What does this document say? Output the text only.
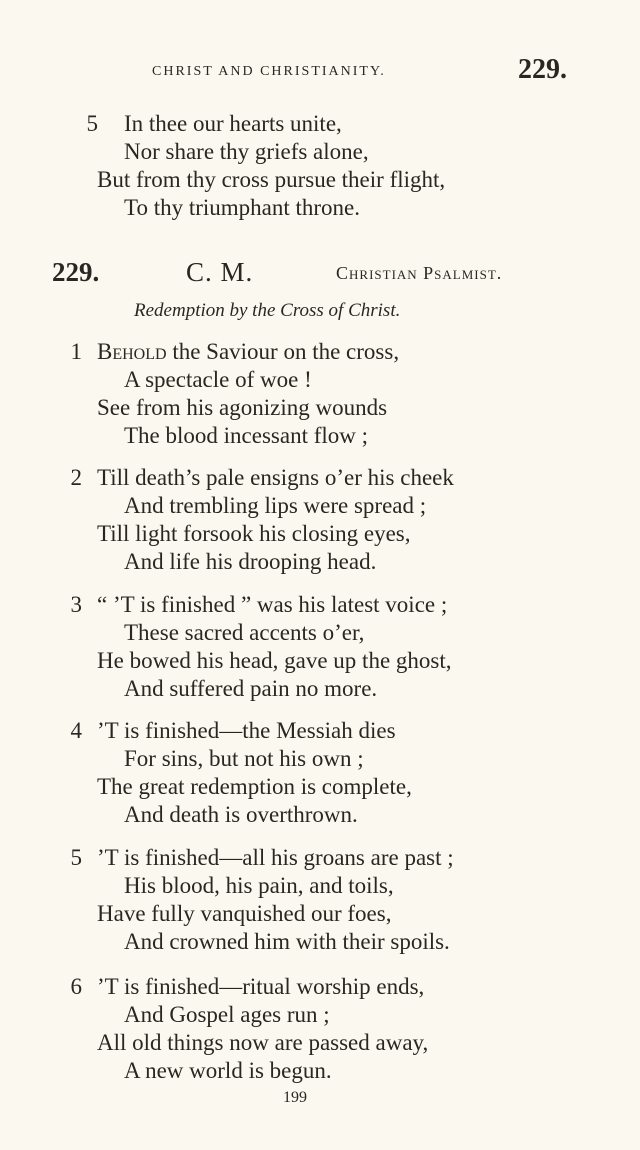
CHRIST AND CHRISTIANITY.	229.
5 In thee our hearts unite,
Nor share thy griefs alone,
But from thy cross pursue their flight,
To thy triumphant throne.
229.	C. M.	Christian Psalmist.
Redemption by the Cross of Christ.
1 Behold the Saviour on the cross,
A spectacle of woe !
See from his agonizing wounds
The blood incessant flow ;
2 Till death’s pale ensigns o’er his cheek
And trembling lips were spread ;
Till light forsook his closing eyes,
And life his drooping head.
3 “ ’T is finished ” was his latest voice ;
These sacred accents o’er,
He bowed his head, gave up the ghost,
And suffered pain no more.
4 ’T is finished—the Messiah dies
For sins, but not his own ;
The great redemption is complete,
And death is overthrown.
5 ’T is finished—all his groans are past ;
His blood, his pain, and toils,
Have fully vanquished our foes,
And crowned him with their spoils.
6 ’T is finished—ritual worship ends,
And Gospel ages run ;
All old things now are passed away,
A new world is begun.
199
